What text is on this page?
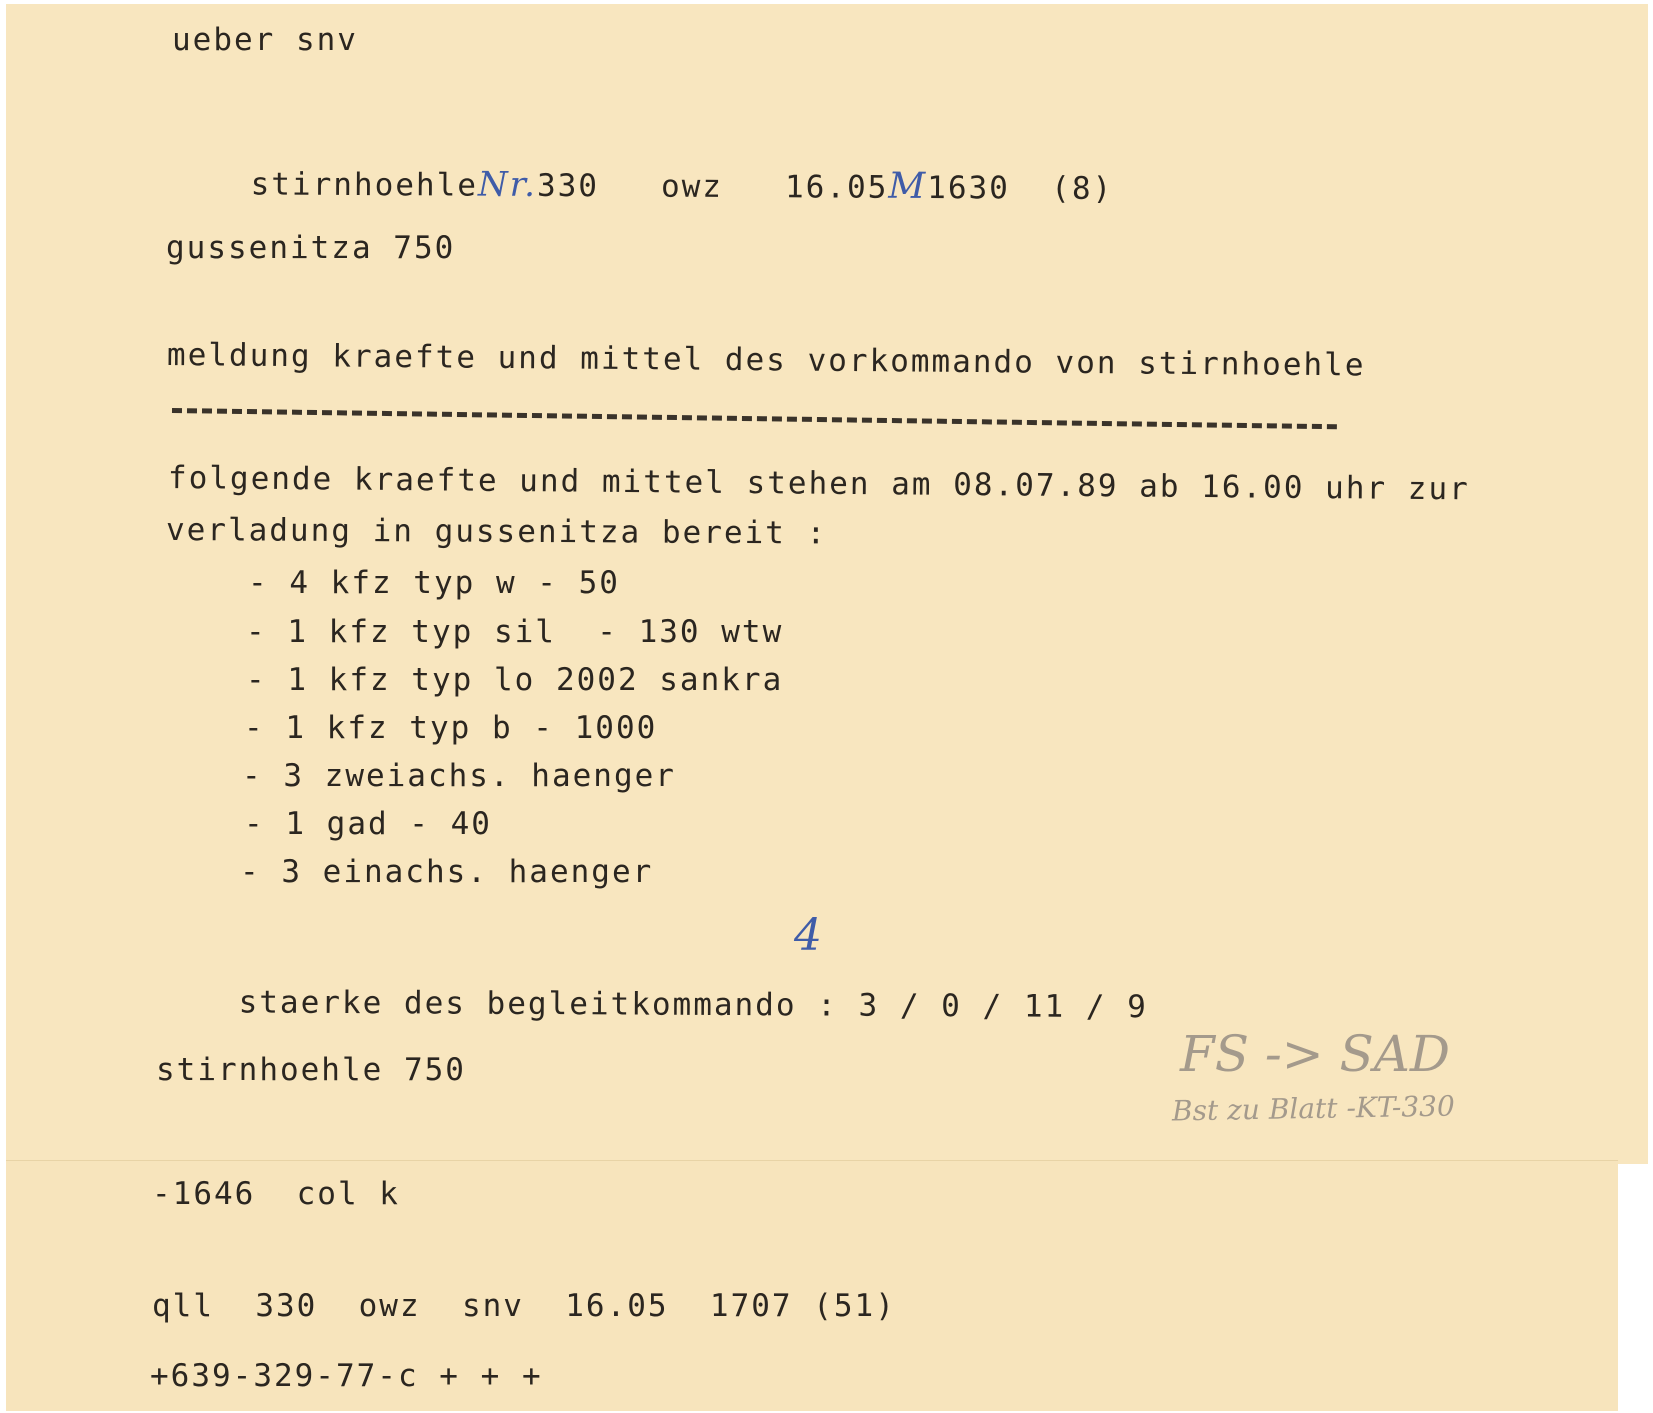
ueber snv

stirnhoehleNr.330 owz 16.05M1630 (8)

gussenitza 750
meldung kraefte und mittel des vorkommando von stirnhoehle
folgende kraefte und mittel stehen am 08.07.89 ab 16.00 uhr zur
verladung in gussenitza bereit :
- 4 kfz typ w - 50
- 1 kfz typ sil  - 130 wtw
- 1 kfz typ lo 2002 sankra
- 1 kfz typ b - 1000
- 3 zweiachs. haenger
- 1 gad - 40
- 3 einachs. haenger
4

staerke des begleitkommando : 3 / 0 / 11 / 9

stirnhoehle 750	FS -> SAD
Bst zu Blatt -KT-330
-1646  col k
qll  330  owz  snv  16.05  1707 (51)
+639-329-77-c + + +
